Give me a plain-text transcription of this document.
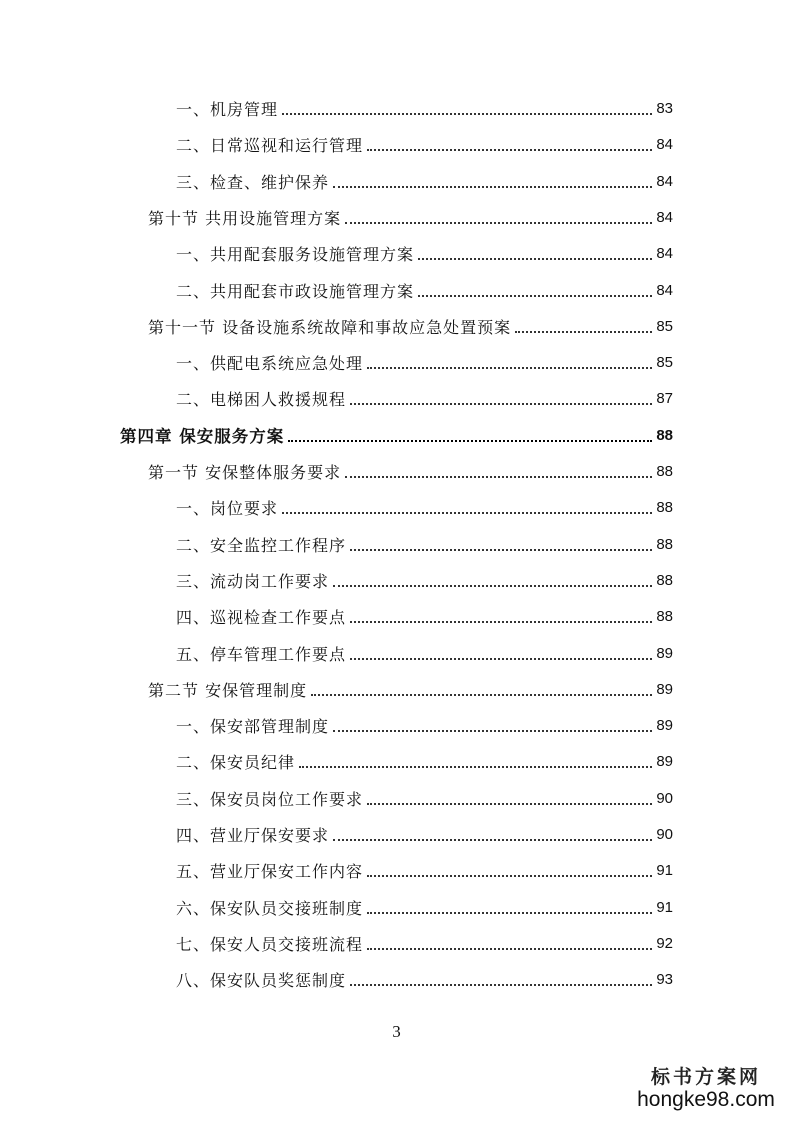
一、机房管理	83
二、日常巡视和运行管理	84
三、检查、维护保养	84
第十节 共用设施管理方案	84
一、共用配套服务设施管理方案	84
二、共用配套市政设施管理方案	84
第十一节 设备设施系统故障和事故应急处置预案	85
一、供配电系统应急处理	85
二、电梯困人救援规程	87
第四章 保安服务方案	88
第一节 安保整体服务要求	88
一、岗位要求	88
二、安全监控工作程序	88
三、流动岗工作要求	88
四、巡视检查工作要点	88
五、停车管理工作要点	89
第二节 安保管理制度	89
一、保安部管理制度	89
二、保安员纪律	89
三、保安员岗位工作要求	90
四、营业厅保安要求	90
五、营业厅保安工作内容	91
六、保安队员交接班制度	91
七、保安人员交接班流程	92
八、保安队员奖惩制度	93
3
标书方案网
hongke98.com
